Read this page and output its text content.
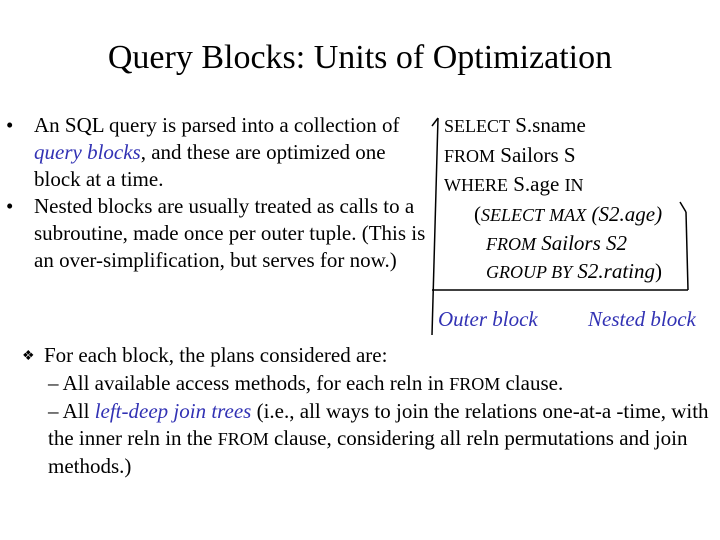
Query Blocks: Units of Optimization
• An SQL query is parsed into a collection of query blocks, and these are optimized one block at a time.
• Nested blocks are usually treated as calls to a subroutine, made once per outer tuple. (This is an over-simplification, but serves for now.)
SELECT S.sname
FROM Sailors S
WHERE S.age IN
(SELECT MAX (S2.age)
FROM Sailors S2
GROUP BY S2.rating)
Outer block Nested block
❖ For each block, the plans considered are:
– All available access methods, for each reln in FROM clause.
– All left-deep join trees (i.e., all ways to join the relations one-at-a -time, with the inner reln in the FROM clause, considering all reln permutations and join methods.)
